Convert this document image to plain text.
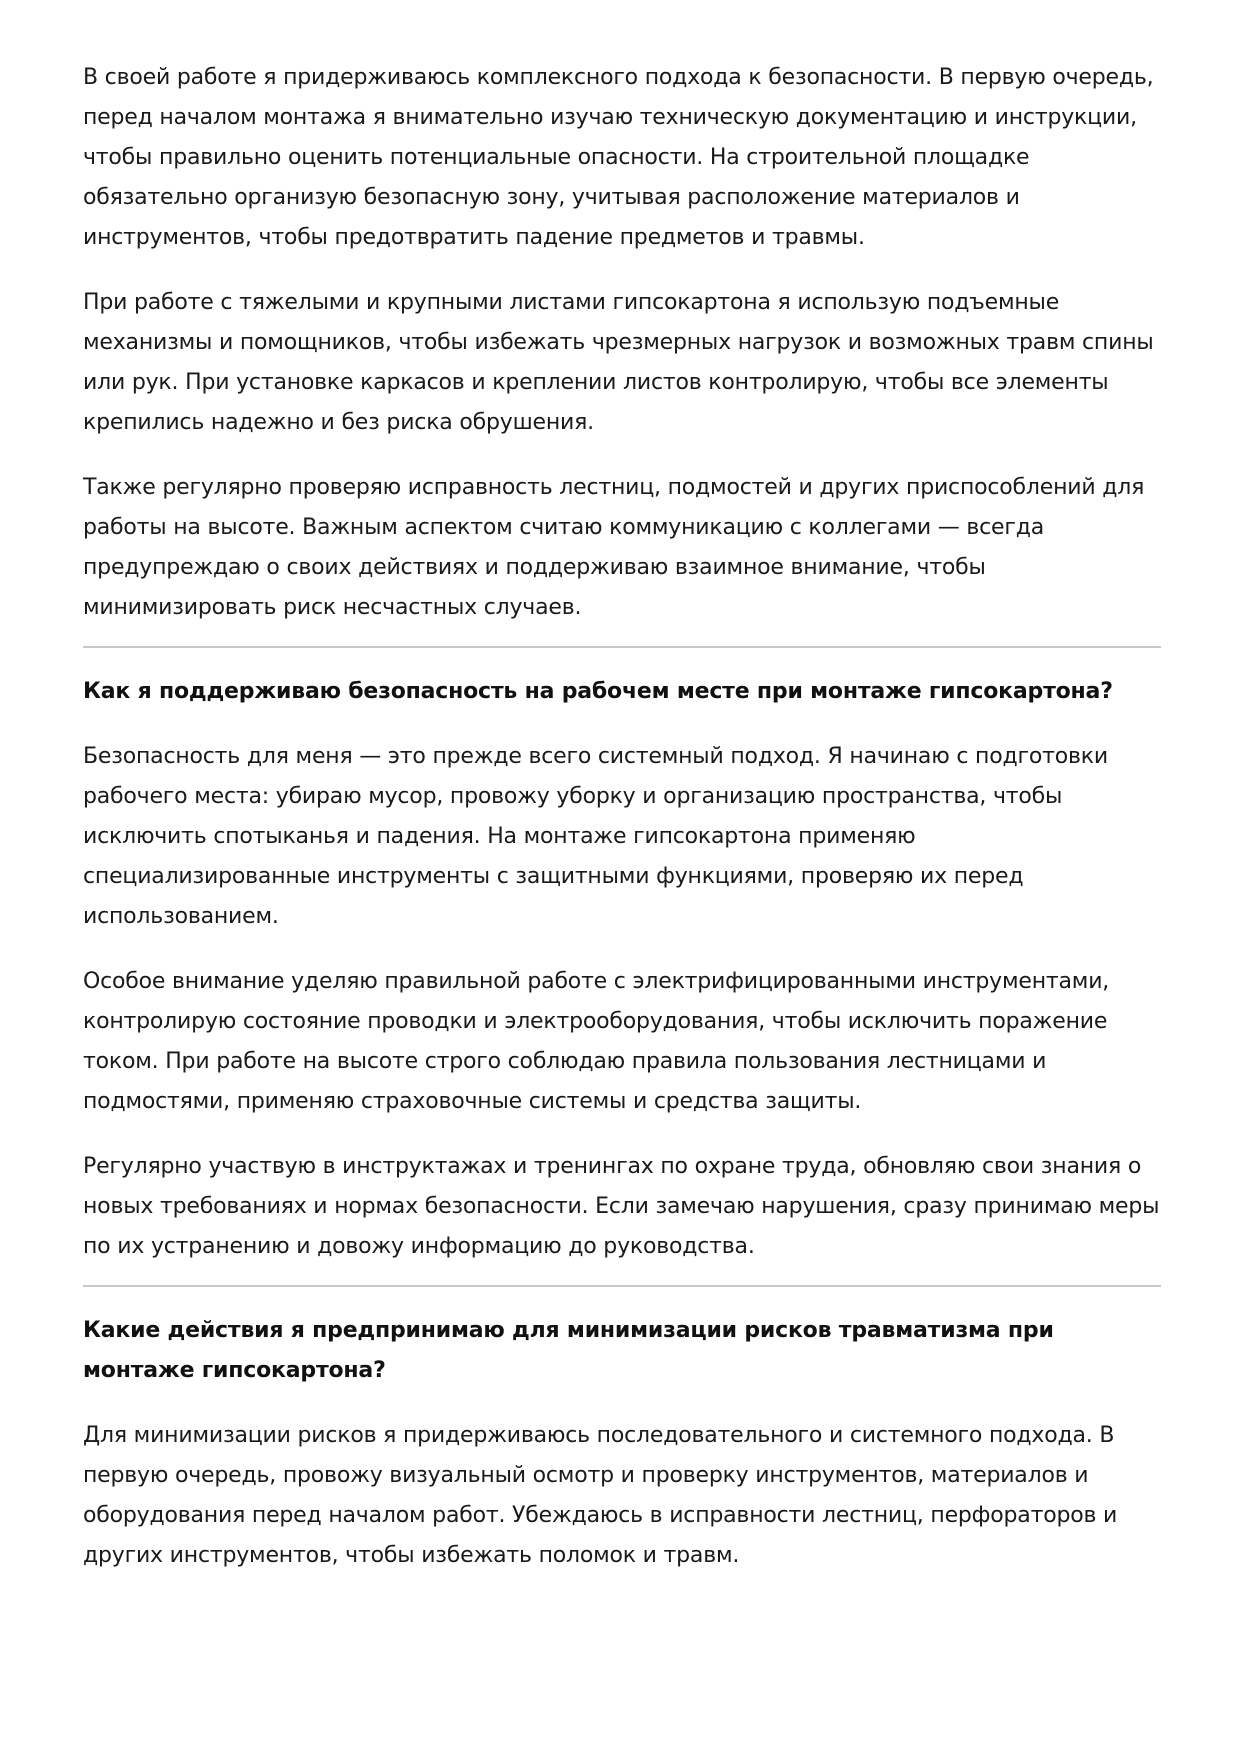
В своей работе я придерживаюсь комплексного подхода к безопасности. В первую очередь, перед началом монтажа я внимательно изучаю техническую документацию и инструкции, чтобы правильно оценить потенциальные опасности. На строительной площадке обязательно организую безопасную зону, учитывая расположение материалов и инструментов, чтобы предотвратить падение предметов и травмы.

При работе с тяжелыми и крупными листами гипсокартона я использую подъемные механизмы и помощников, чтобы избежать чрезмерных нагрузок и возможных травм спины или рук. При установке каркасов и креплении листов контролирую, чтобы все элементы крепились надежно и без риска обрушения.

Также регулярно проверяю исправность лестниц, подмостей и других приспособлений для работы на высоте. Важным аспектом считаю коммуникацию с коллегами — всегда предупреждаю о своих действиях и поддерживаю взаимное внимание, чтобы минимизировать риск несчастных случаев.

Как я поддерживаю безопасность на рабочем месте при монтаже гипсокартона?

Безопасность для меня — это прежде всего системный подход. Я начинаю с подготовки рабочего места: убираю мусор, провожу уборку и организацию пространства, чтобы исключить спотыканья и падения. На монтаже гипсокартона применяю специализированные инструменты с защитными функциями, проверяю их перед использованием.

Особое внимание уделяю правильной работе с электрифицированными инструментами, контролирую состояние проводки и электрооборудования, чтобы исключить поражение током. При работе на высоте строго соблюдаю правила пользования лестницами и подмостями, применяю страховочные системы и средства защиты.

Регулярно участвую в инструктажах и тренингах по охране труда, обновляю свои знания о новых требованиях и нормах безопасности. Если замечаю нарушения, сразу принимаю меры по их устранению и довожу информацию до руководства.

Какие действия я предпринимаю для минимизации рисков травматизма при монтаже гипсокартона?

Для минимизации рисков я придерживаюсь последовательного и системного подхода. В первую очередь, провожу визуальный осмотр и проверку инструментов, материалов и оборудования перед началом работ. Убеждаюсь в исправности лестниц, перфораторов и других инструментов, чтобы избежать поломок и травм.
